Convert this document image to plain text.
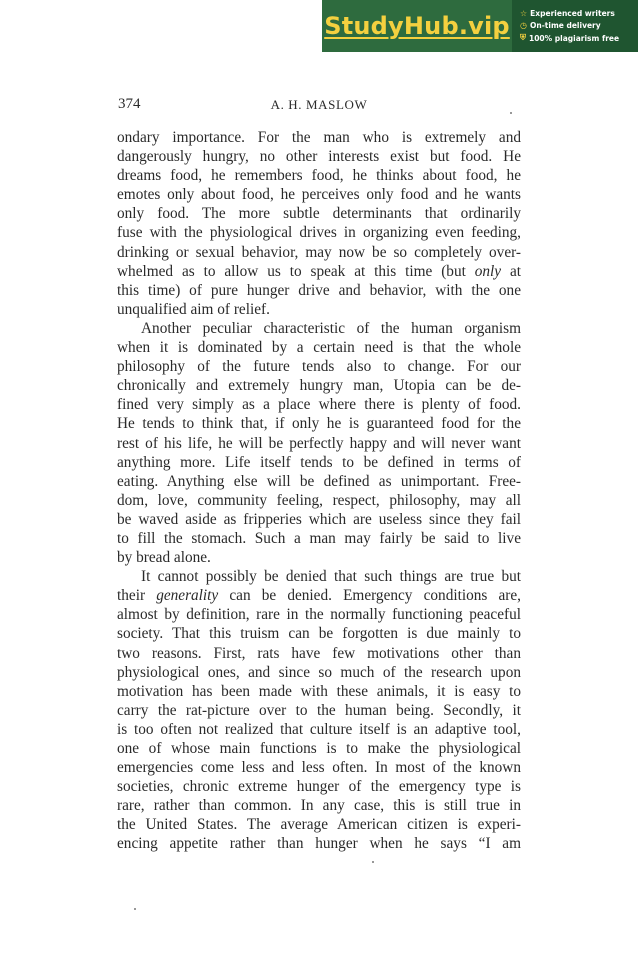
StudyHub.vip ☆ Experienced writers
◷ On-time delivery
⛨ 100% plagiarism free
374	A. H. MASLOW
ondary importance. For the man who is extremely and
dangerously hungry, no other interests exist but food. He
dreams food, he remembers food, he thinks about food, he
emotes only about food, he perceives only food and he wants
only food. The more subtle determinants that ordinarily
fuse with the physiological drives in organizing even feeding,
drinking or sexual behavior, may now be so completely over-
whelmed as to allow us to speak at this time (but only at
this time) of pure hunger drive and behavior, with the one
unqualified aim of relief.
Another peculiar characteristic of the human organism
when it is dominated by a certain need is that the whole
philosophy of the future tends also to change. For our
chronically and extremely hungry man, Utopia can be de-
fined very simply as a place where there is plenty of food.
He tends to think that, if only he is guaranteed food for the
rest of his life, he will be perfectly happy and will never want
anything more. Life itself tends to be defined in terms of
eating. Anything else will be defined as unimportant. Free-
dom, love, community feeling, respect, philosophy, may all
be waved aside as fripperies which are useless since they fail
to fill the stomach. Such a man may fairly be said to live
by bread alone.
It cannot possibly be denied that such things are true but
their generality can be denied. Emergency conditions are,
almost by definition, rare in the normally functioning peaceful
society. That this truism can be forgotten is due mainly to
two reasons. First, rats have few motivations other than
physiological ones, and since so much of the research upon
motivation has been made with these animals, it is easy to
carry the rat-picture over to the human being. Secondly, it
is too often not realized that culture itself is an adaptive tool,
one of whose main functions is to make the physiological
emergencies come less and less often. In most of the known
societies, chronic extreme hunger of the emergency type is
rare, rather than common. In any case, this is still true in
the United States. The average American citizen is experi-
encing appetite rather than hunger when he says “I am
